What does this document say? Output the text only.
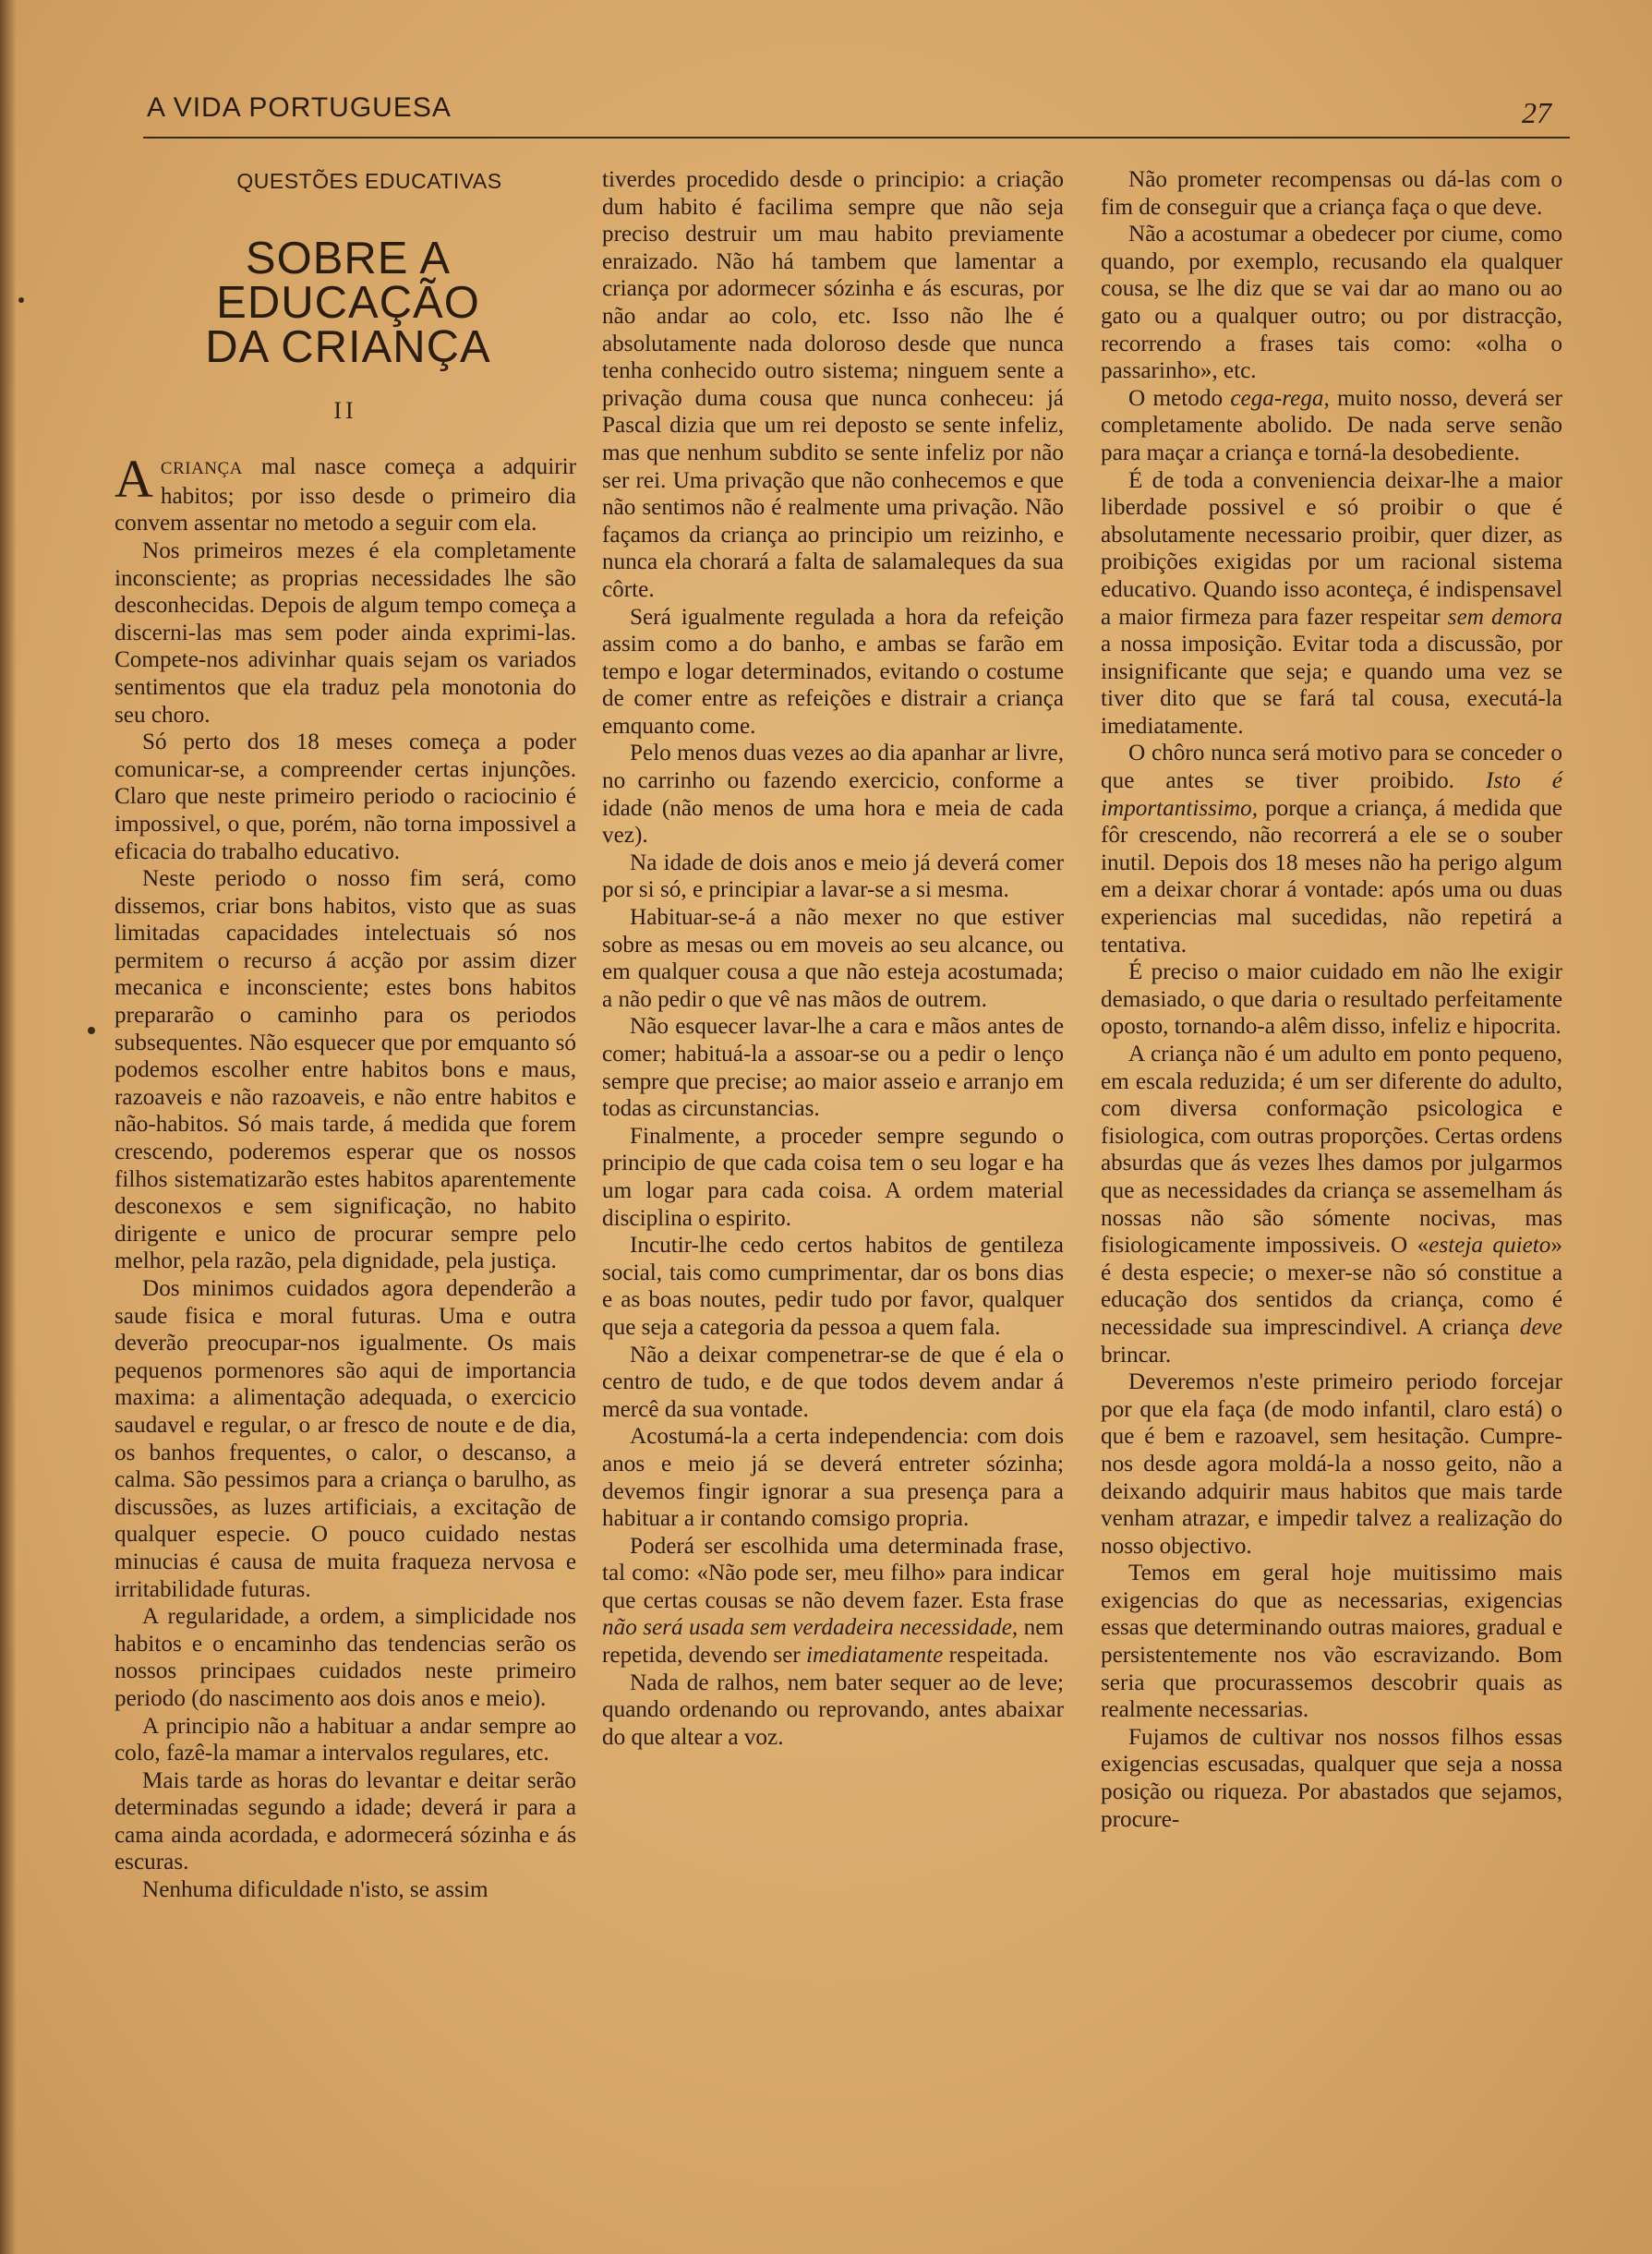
A VIDA PORTUGUESA	27
QUESTÕES EDUCATIVAS
SOBRE A EDUCAÇÃO
DA CRIANÇA
II

ACRIANÇA mal nasce começa a adquirir habitos; por isso desde o primeiro dia convem assentar no metodo a seguir com ela.

Nos primeiros mezes é ela completamente inconsciente; as proprias necessidades lhe são desconhecidas. Depois de algum tempo começa a discerni-las mas sem poder ainda exprimi-las. Compete-nos adivinhar quais sejam os variados sentimentos que ela traduz pela monotonia do seu choro.

Só perto dos 18 meses começa a poder comunicar-se, a compreender certas injunções. Claro que neste primeiro periodo o raciocinio é impossivel, o que, porém, não torna impossivel a eficacia do trabalho educativo.

Neste periodo o nosso fim será, como dissemos, criar bons habitos, visto que as suas limitadas capacidades intelectuais só nos permitem o recurso á acção por assim dizer mecanica e inconsciente; estes bons habitos prepararão o caminho para os periodos subsequentes. Não esquecer que por emquanto só podemos escolher entre habitos bons e maus, razoaveis e não razoaveis, e não entre habitos e não-habitos. Só mais tarde, á medida que forem crescendo, poderemos esperar que os nossos filhos sistematizarão estes habitos aparentemente desconexos e sem significação, no habito dirigente e unico de procurar sempre pelo melhor, pela razão, pela dignidade, pela justiça.

Dos minimos cuidados agora dependerão a saude fisica e moral futuras. Uma e outra deverão preocupar-nos igualmente. Os mais pequenos pormenores são aqui de importancia maxima: a alimentação adequada, o exercicio saudavel e regular, o ar fresco de noute e de dia, os banhos frequentes, o calor, o descanso, a calma. São pessimos para a criança o barulho, as discussões, as luzes artificiais, a excitação de qualquer especie. O pouco cuidado nestas minucias é causa de muita fraqueza nervosa e irritabilidade futuras.

A regularidade, a ordem, a simplicidade nos habitos e o encaminho das tendencias serão os nossos principaes cuidados neste primeiro periodo (do nascimento aos dois anos e meio).

A principio não a habituar a andar sempre ao colo, fazê-la mamar a intervalos regulares, etc.

Mais tarde as horas do levantar e deitar serão determinadas segundo a idade; deverá ir para a cama ainda acordada, e adormecerá sózinha e ás escuras.

Nenhuma dificuldade n'isto, se assim

tiverdes procedido desde o principio: a criação dum habito é facilima sempre que não seja preciso destruir um mau habito previamente enraizado. Não há tambem que lamentar a criança por adormecer sózinha e ás escuras, por não andar ao colo, etc. Isso não lhe é absolutamente nada doloroso desde que nunca tenha conhecido outro sistema; ninguem sente a privação duma cousa que nunca conheceu: já Pascal dizia que um rei deposto se sente infeliz, mas que nenhum subdito se sente infeliz por não ser rei. Uma privação que não conhecemos e que não sentimos não é realmente uma privação. Não façamos da criança ao principio um reizinho, e nunca ela chorará a falta de salamaleques da sua côrte.

Será igualmente regulada a hora da refeição assim como a do banho, e ambas se farão em tempo e logar determinados, evitando o costume de comer entre as refeições e distrair a criança emquanto come.

Pelo menos duas vezes ao dia apanhar ar livre, no carrinho ou fazendo exercicio, conforme a idade (não menos de uma hora e meia de cada vez).

Na idade de dois anos e meio já deverá comer por si só, e principiar a lavar-se a si mesma.

Habituar-se-á a não mexer no que estiver sobre as mesas ou em moveis ao seu alcance, ou em qualquer cousa a que não esteja acostumada; a não pedir o que vê nas mãos de outrem.

Não esquecer lavar-lhe a cara e mãos antes de comer; habituá-la a assoar-se ou a pedir o lenço sempre que precise; ao maior asseio e arranjo em todas as circunstancias.

Finalmente, a proceder sempre segundo o principio de que cada coisa tem o seu logar e ha um logar para cada coisa. A ordem material disciplina o espirito.

Incutir-lhe cedo certos habitos de gentileza social, tais como cumprimentar, dar os bons dias e as boas noutes, pedir tudo por favor, qualquer que seja a categoria da pessoa a quem fala.

Não a deixar compenetrar-se de que é ela o centro de tudo, e de que todos devem andar á mercê da sua vontade.

Acostumá-la a certa independencia: com dois anos e meio já se deverá entreter sózinha; devemos fingir ignorar a sua presença para a habituar a ir contando comsigo propria.

Poderá ser escolhida uma determinada frase, tal como: «Não pode ser, meu filho» para indicar que certas cousas se não devem fazer. Esta frase não será usada sem verdadeira necessidade, nem repetida, devendo ser imediatamente respeitada.

Nada de ralhos, nem bater sequer ao de leve; quando ordenando ou reprovando, antes abaixar do que altear a voz.

Não prometer recompensas ou dá-las com o fim de conseguir que a criança faça o que deve.

Não a acostumar a obedecer por ciume, como quando, por exemplo, recusando ela qualquer cousa, se lhe diz que se vai dar ao mano ou ao gato ou a qualquer outro; ou por distracção, recorrendo a frases tais como: «olha o passarinho», etc.

O metodo cega-rega, muito nosso, deverá ser completamente abolido. De nada serve senão para maçar a criança e torná-la desobediente.

É de toda a conveniencia deixar-lhe a maior liberdade possivel e só proibir o que é absolutamente necessario proibir, quer dizer, as proibições exigidas por um racional sistema educativo. Quando isso aconteça, é indispensavel a maior firmeza para fazer respeitar sem demora a nossa imposição. Evitar toda a discussão, por insignificante que seja; e quando uma vez se tiver dito que se fará tal cousa, executá-la imediatamente.

O chôro nunca será motivo para se conceder o que antes se tiver proibido. Isto é importantissimo, porque a criança, á medida que fôr crescendo, não recorrerá a ele se o souber inutil. Depois dos 18 meses não ha perigo algum em a deixar chorar á vontade: após uma ou duas experiencias mal sucedidas, não repetirá a tentativa.

É preciso o maior cuidado em não lhe exigir demasiado, o que daria o resultado perfeitamente oposto, tornando-a alêm disso, infeliz e hipocrita.

A criança não é um adulto em ponto pequeno, em escala reduzida; é um ser diferente do adulto, com diversa conformação psicologica e fisiologica, com outras proporções. Certas ordens absurdas que ás vezes lhes damos por julgarmos que as necessidades da criança se assemelham ás nossas não são sómente nocivas, mas fisiologicamente impossiveis. O «esteja quieto» é desta especie; o mexer-se não só constitue a educação dos sentidos da criança, como é necessidade sua imprescindivel. A criança deve brincar.

Deveremos n'este primeiro periodo forcejar por que ela faça (de modo infantil, claro está) o que é bem e razoavel, sem hesitação. Cumpre-nos desde agora moldá-la a nosso geito, não a deixando adquirir maus habitos que mais tarde venham atrazar, e impedir talvez a realização do nosso objectivo.

Temos em geral hoje muitissimo mais exigencias do que as necessarias, exigencias essas que determinando outras maiores, gradual e persistentemente nos vão escravizando. Bom seria que procurassemos descobrir quais as realmente necessarias.

Fujamos de cultivar nos nossos filhos essas exigencias escusadas, qualquer que seja a nossa posição ou riqueza. Por abastados que sejamos, procure-
